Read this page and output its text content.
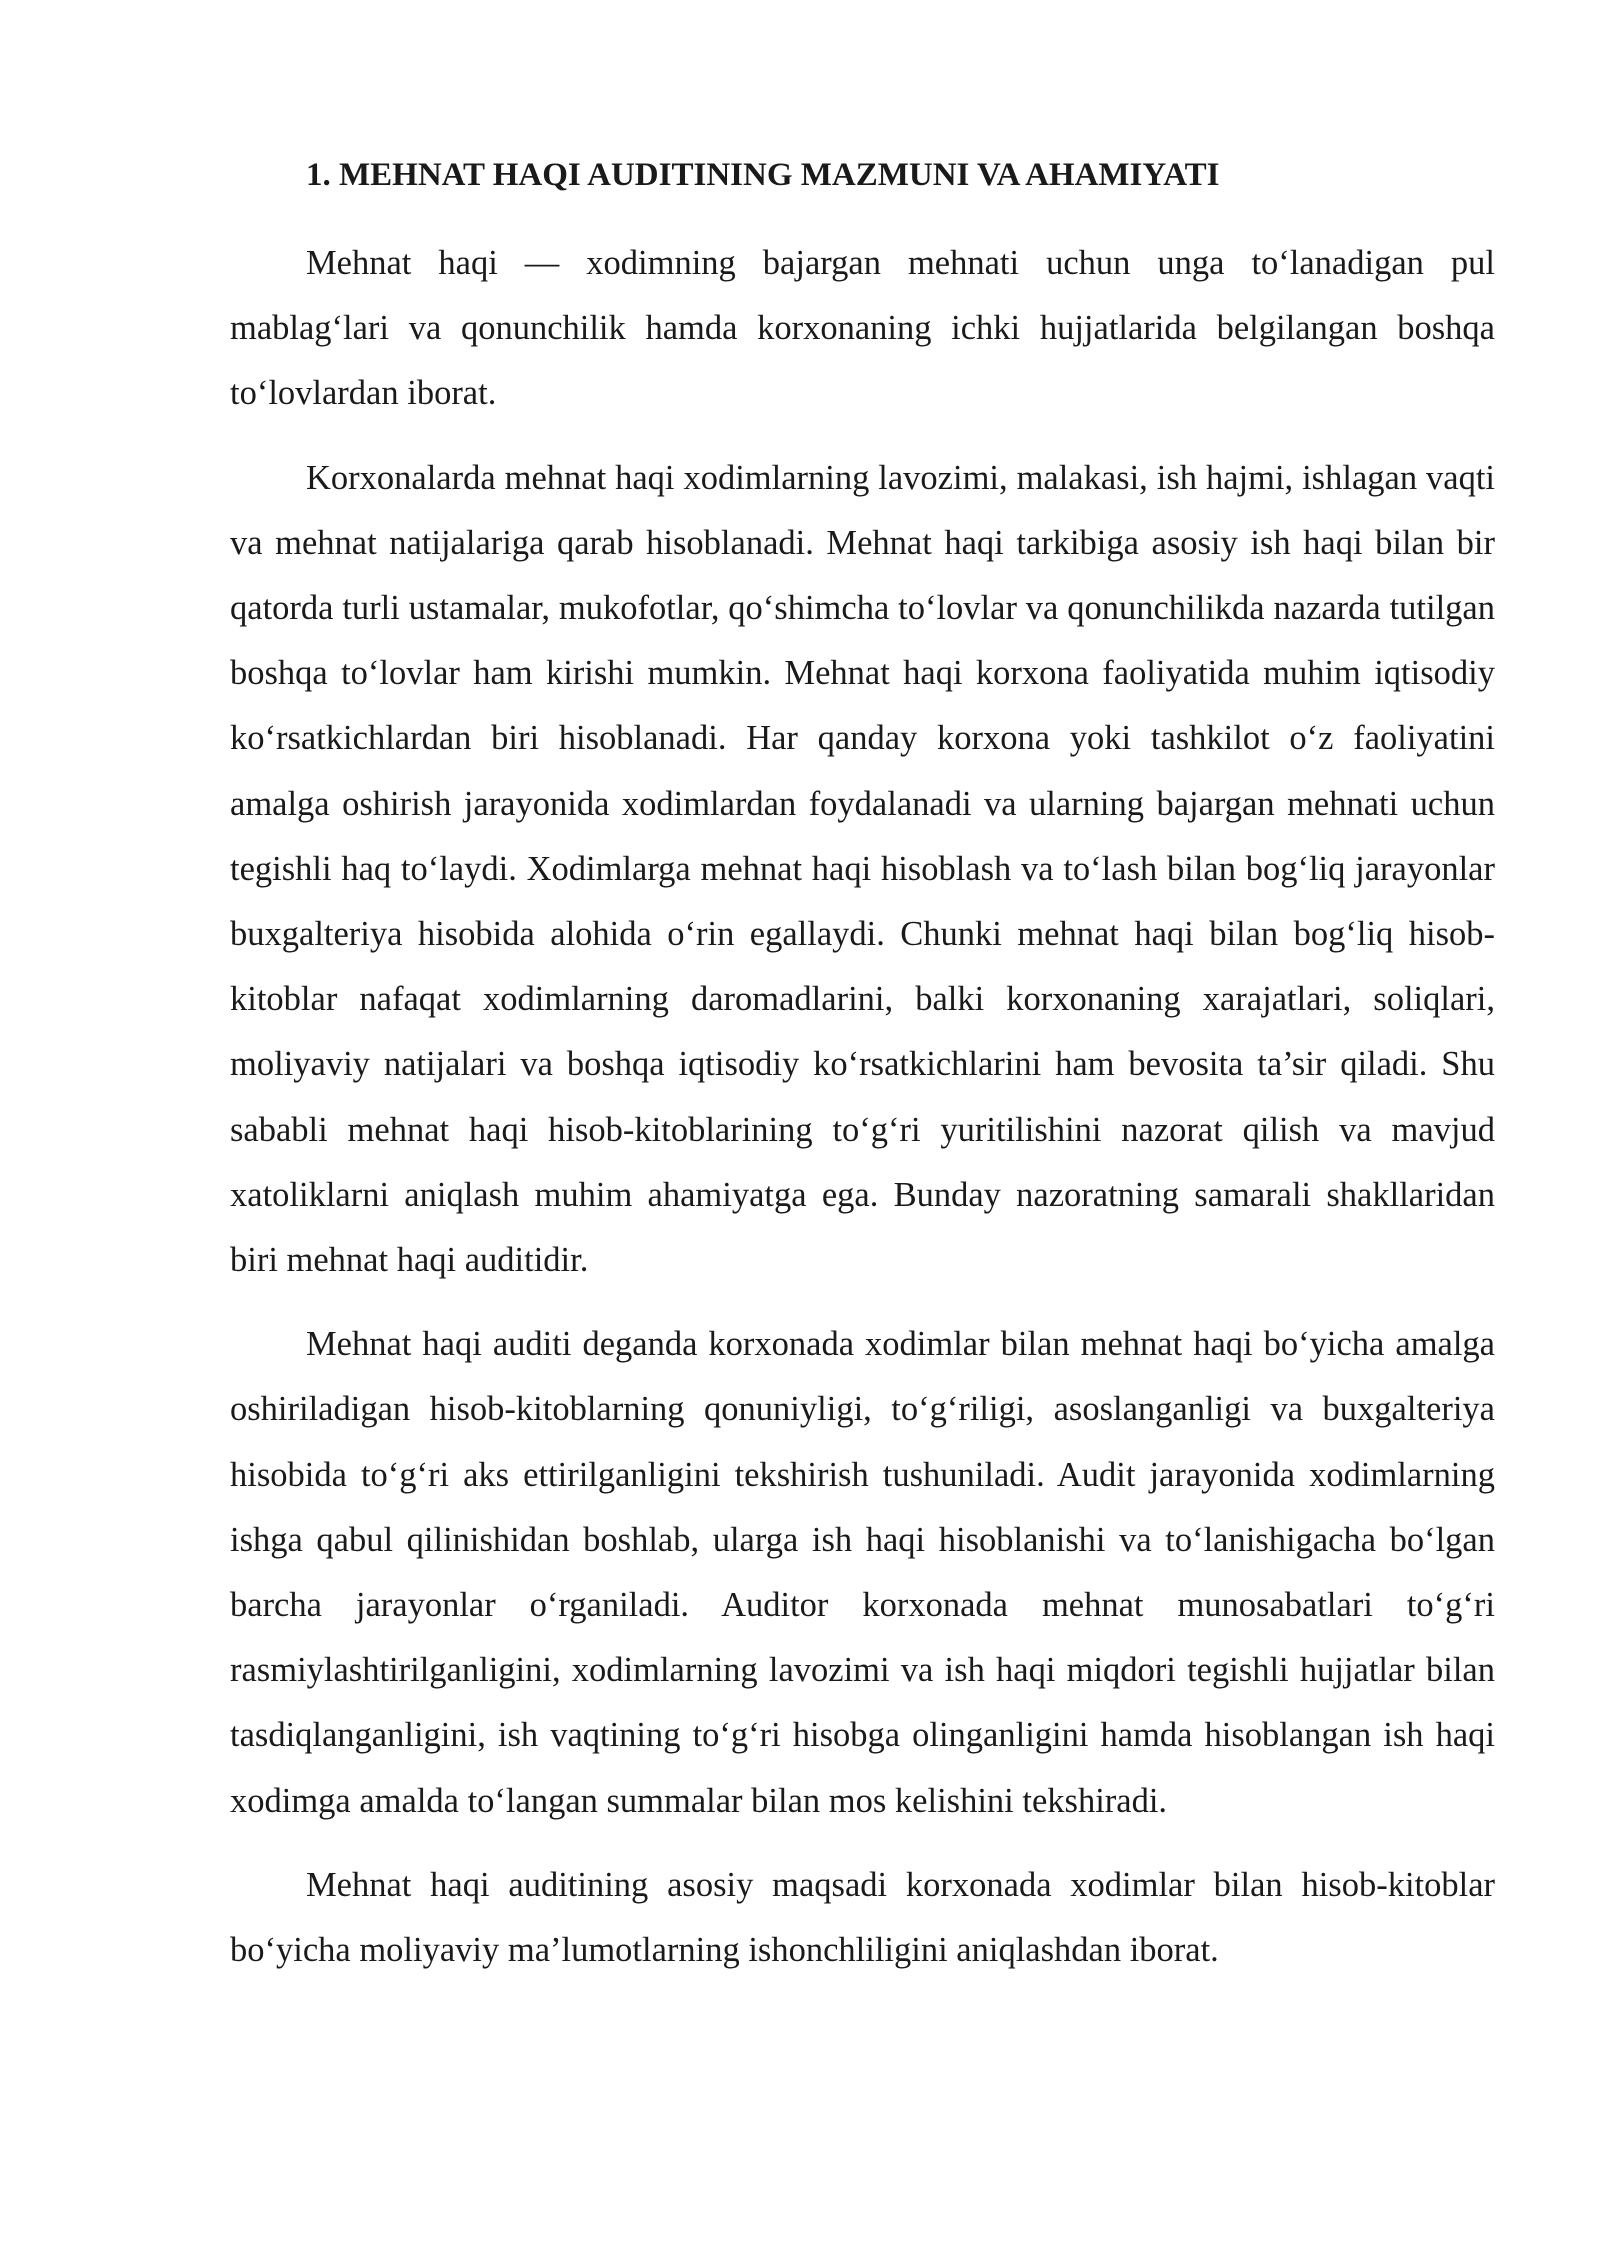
1. MEHNAT HAQI AUDITINING MAZMUNI VA AHAMIYATI

Mehnat haqi — xodimning bajargan mehnati uchun unga to‘lanadigan pul mablag‘lari va qonunchilik hamda korxonaning ichki hujjatlarida belgilangan boshqa to‘lovlardan iborat.

Korxonalarda mehnat haqi xodimlarning lavozimi, malakasi, ish hajmi, ishlagan vaqti va mehnat natijalariga qarab hisoblanadi. Mehnat haqi tarkibiga asosiy ish haqi bilan bir qatorda turli ustamalar, mukofotlar, qo‘shimcha to‘lovlar va qonunchilikda nazarda tutilgan boshqa to‘lovlar ham kirishi mumkin. Mehnat haqi korxona faoliyatida muhim iqtisodiy ko‘rsatkichlardan biri hisoblanadi. Har qanday korxona yoki tashkilot o‘z faoliyatini amalga oshirish jarayonida xodimlardan foydalanadi va ularning bajargan mehnati uchun tegishli haq to‘laydi. Xodimlarga mehnat haqi hisoblash va to‘lash bilan bog‘liq jarayonlar buxgalteriya hisobida alohida o‘rin egallaydi. Chunki mehnat haqi bilan bog‘liq hisob-kitoblar nafaqat xodimlarning daromadlarini, balki korxonaning xarajatlari, soliqlari, moliyaviy natijalari va boshqa iqtisodiy ko‘rsatkichlarini ham bevosita ta’sir qiladi. Shu sababli mehnat haqi hisob-kitoblarining to‘g‘ri yuritilishini nazorat qilish va mavjud xatoliklarni aniqlash muhim ahamiyatga ega. Bunday nazoratning samarali shakllaridan biri mehnat haqi auditidir.

Mehnat haqi auditi deganda korxonada xodimlar bilan mehnat haqi bo‘yicha amalga oshiriladigan hisob-kitoblarning qonuniyligi, to‘g‘riligi, asoslanganligi va buxgalteriya hisobida to‘g‘ri aks ettirilganligini tekshirish tushuniladi. Audit jarayonida xodimlarning ishga qabul qilinishidan boshlab, ularga ish haqi hisoblanishi va to‘lanishigacha bo‘lgan barcha jarayonlar o‘rganiladi. Auditor korxonada mehnat munosabatlari to‘g‘ri rasmiylashtirilganligini, xodimlarning lavozimi va ish haqi miqdori tegishli hujjatlar bilan tasdiqlanganligini, ish vaqtining to‘g‘ri hisobga olinganligini hamda hisoblangan ish haqi xodimga amalda to‘langan summalar bilan mos kelishini tekshiradi.

Mehnat haqi auditining asosiy maqsadi korxonada xodimlar bilan hisob-kitoblar bo‘yicha moliyaviy ma’lumotlarning ishonchliligini aniqlashdan iborat.
